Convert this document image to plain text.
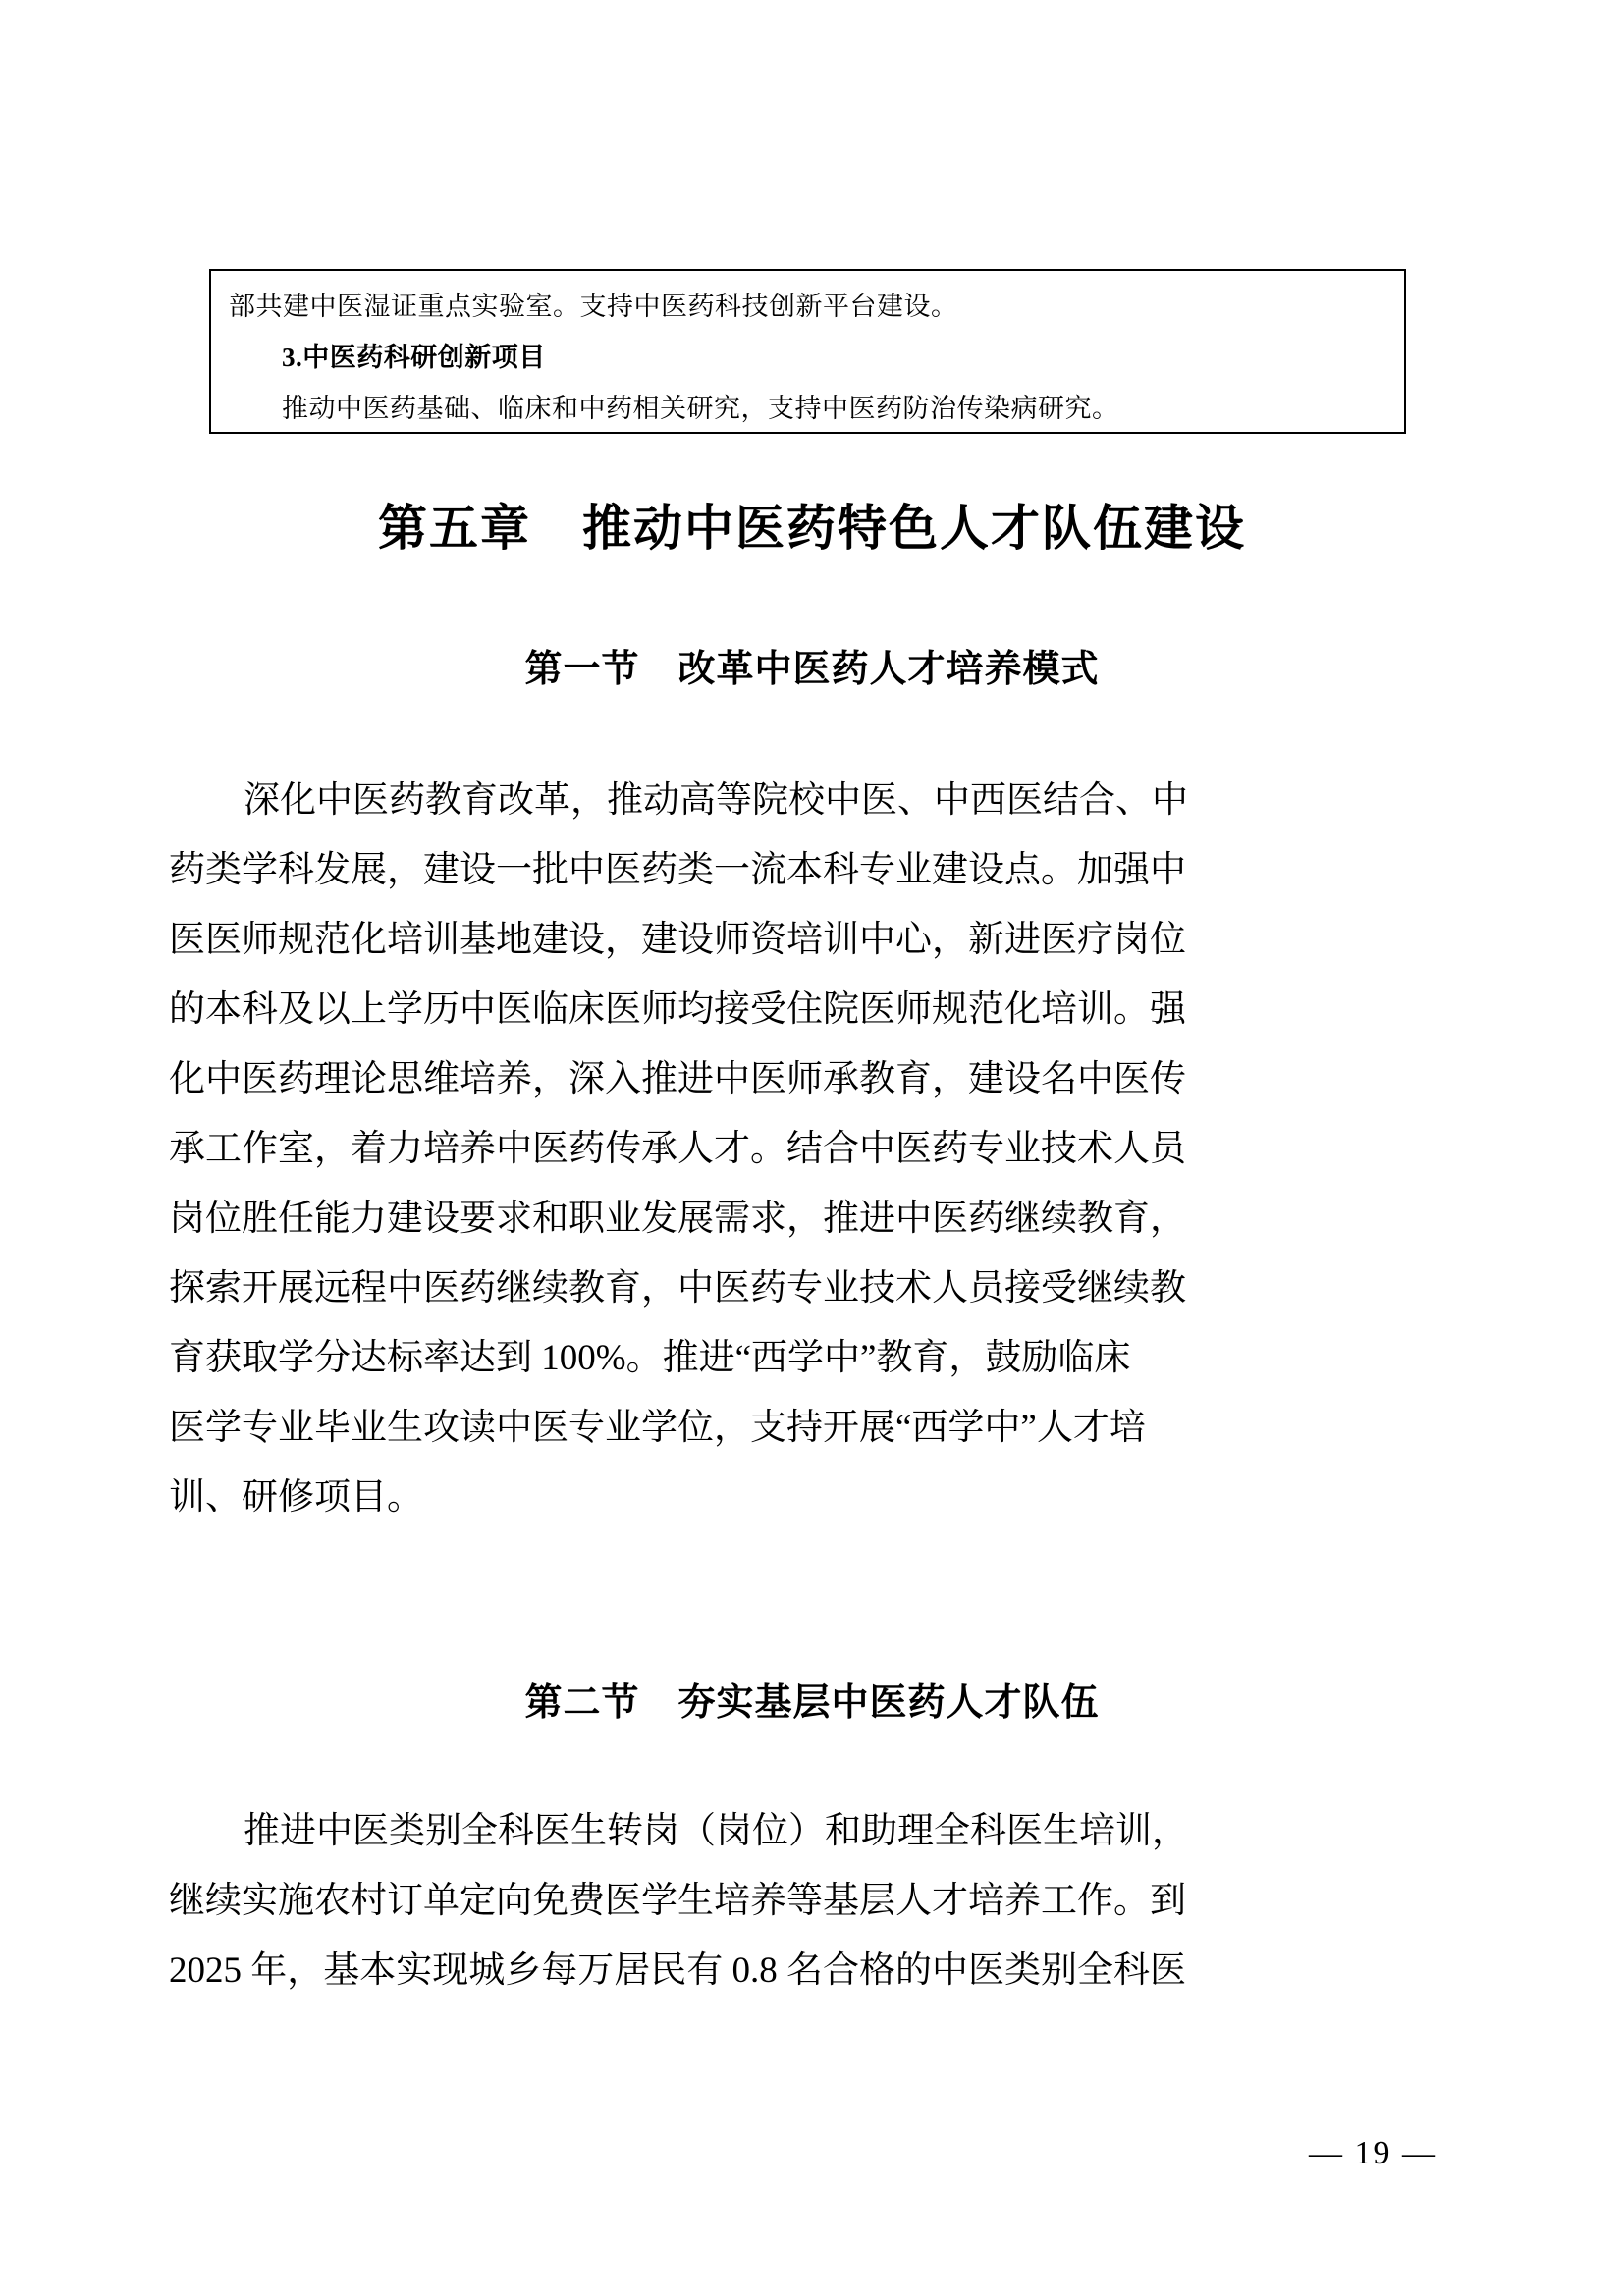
部共建中医湿证重点实验室。支持中医药科技创新平台建设。
3.中医药科研创新项目
推动中医药基础、临床和中药相关研究，支持中医药防治传染病研究。
第五章　推动中医药特色人才队伍建设
第一节　改革中医药人才培养模式
深化中医药教育改革，推动高等院校中医、中西医结合、中
药类学科发展，建设一批中医药类一流本科专业建设点。加强中
医医师规范化培训基地建设，建设师资培训中心，新进医疗岗位
的本科及以上学历中医临床医师均接受住院医师规范化培训。强
化中医药理论思维培养，深入推进中医师承教育，建设名中医传
承工作室，着力培养中医药传承人才。结合中医药专业技术人员
岗位胜任能力建设要求和职业发展需求，推进中医药继续教育，
探索开展远程中医药继续教育，中医药专业技术人员接受继续教
育获取学分达标率达到 100%。推进“西学中”教育，鼓励临床
医学专业毕业生攻读中医专业学位，支持开展“西学中”人才培
训、研修项目。
第二节　夯实基层中医药人才队伍
推进中医类别全科医生转岗（岗位）和助理全科医生培训，
继续实施农村订单定向免费医学生培养等基层人才培养工作。到
2025 年，基本实现城乡每万居民有 0.8 名合格的中医类别全科医
— 19 —
